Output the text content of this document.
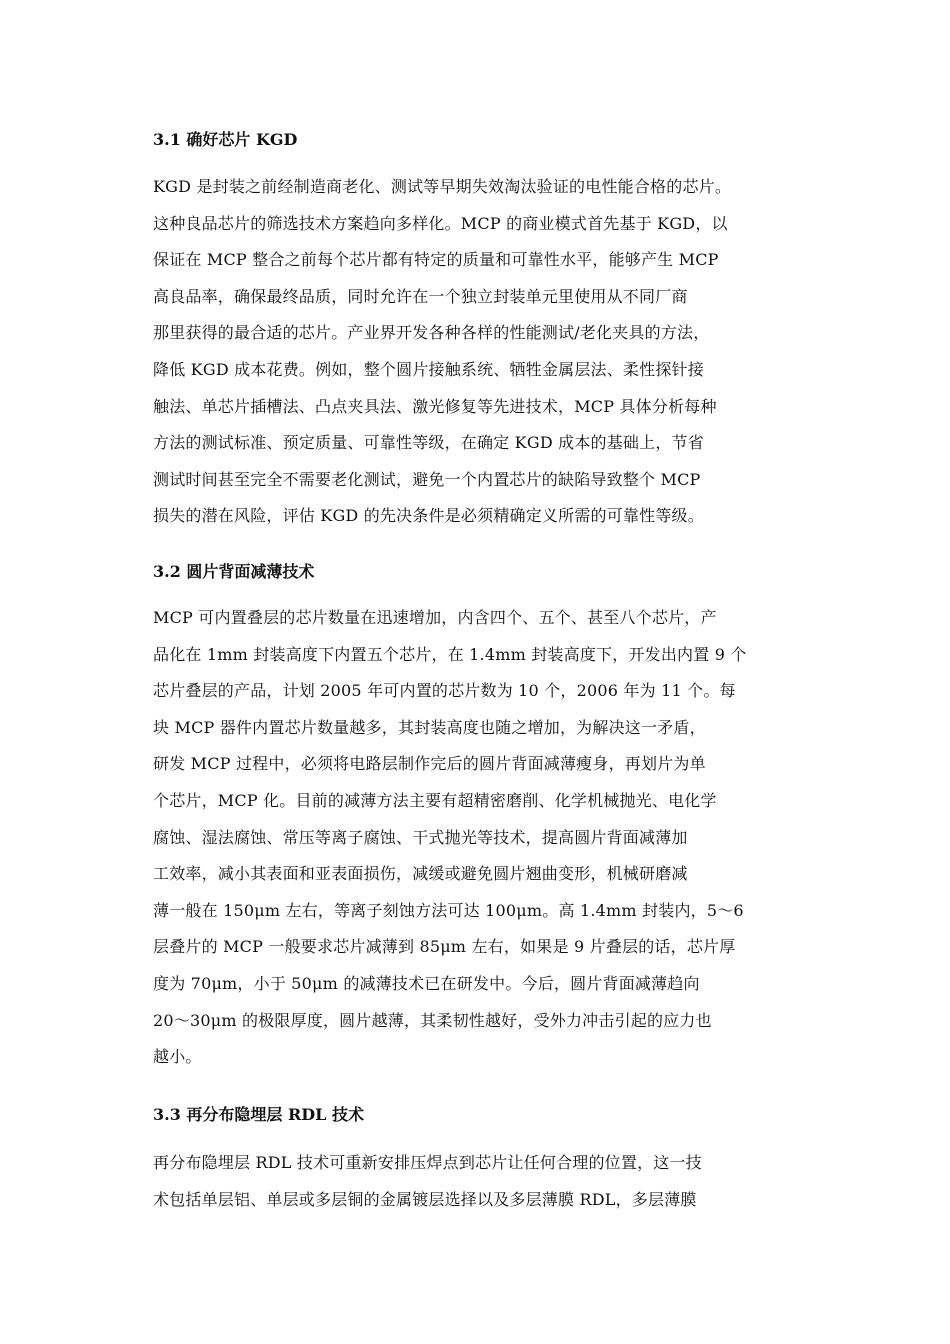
3.1 确好芯片 KGD
KGD 是封装之前经制造商老化、测试等早期失效淘汰验证的电性能合格的芯片。
这种良品芯片的筛选技术方案趋向多样化。MCP 的商业模式首先基于 KGD，以
保证在 MCP 整合之前每个芯片都有特定的质量和可靠性水平，能够产生 MCP
高良品率，确保最终品质，同时允许在一个独立封装单元里使用从不同厂商
那里获得的最合适的芯片。产业界开发各种各样的性能测试/老化夹具的方法，
降低 KGD 成本花费。例如，整个圆片接触系统、牺牲金属层法、柔性探针接
触法、单芯片插槽法、凸点夹具法、激光修复等先进技术，MCP 具体分析每种
方法的测试标准、预定质量、可靠性等级，在确定 KGD 成本的基础上，节省
测试时间甚至完全不需要老化测试，避免一个内置芯片的缺陷导致整个 MCP
损失的潜在风险，评估 KGD 的先决条件是必须精确定义所需的可靠性等级。
3.2 圆片背面减薄技术
MCP 可内置叠层的芯片数量在迅速增加，内含四个、五个、甚至八个芯片，产
品化在 1mm 封装高度下内置五个芯片，在 1.4mm 封装高度下，开发出内置 9 个
芯片叠层的产品，计划 2005 年可内置的芯片数为 10 个，2006 年为 11 个。每
块 MCP 器件内置芯片数量越多，其封装高度也随之增加，为解决这一矛盾，
研发 MCP 过程中，必须将电路层制作完后的圆片背面减薄瘦身，再划片为单
个芯片，MCP 化。目前的减薄方法主要有超精密磨削、化学机械抛光、电化学
腐蚀、湿法腐蚀、常压等离子腐蚀、干式抛光等技术，提高圆片背面减薄加
工效率，减小其表面和亚表面损伤，减缓或避免圆片翘曲变形，机械研磨减
薄一般在 150μm 左右，等离子刻蚀方法可达 100μm。高 1.4mm 封装内，5～6
层叠片的 MCP 一般要求芯片减薄到 85μm 左右，如果是 9 片叠层的话，芯片厚
度为 70μm，小于 50μm 的减薄技术已在研发中。今后，圆片背面减薄趋向
20～30μm 的极限厚度，圆片越薄，其柔韧性越好，受外力冲击引起的应力也
越小。
3.3 再分布隐埋层 RDL 技术
再分布隐埋层 RDL 技术可重新安排压焊点到芯片让任何合理的位置，这一技
术包括单层铝、单层或多层铜的金属镀层选择以及多层薄膜 RDL，多层薄膜
